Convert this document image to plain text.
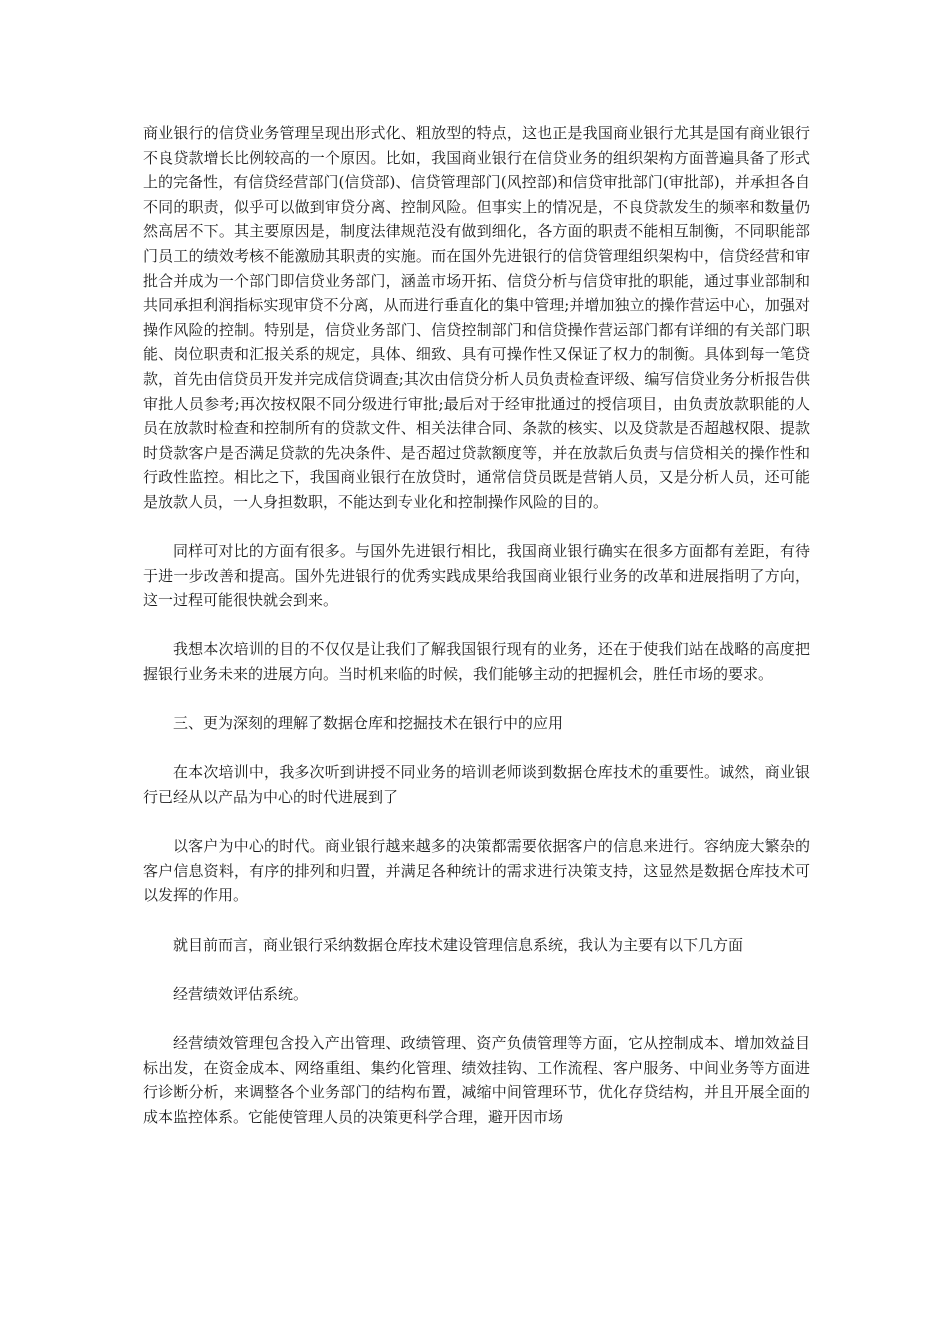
商业银行的信贷业务管理呈现出形式化、粗放型的特点，这也正是我国商业银行尤其是国有商业银行不良贷款增长比例较高的一个原因。比如，我国商业银行在信贷业务的组织架构方面普遍具备了形式上的完备性，有信贷经营部门(信贷部)、信贷管理部门(风控部)和信贷审批部门(审批部)，并承担各自不同的职责，似乎可以做到审贷分离、控制风险。但事实上的情况是，不良贷款发生的频率和数量仍然高居不下。其主要原因是，制度法律规范没有做到细化，各方面的职责不能相互制衡，不同职能部门员工的绩效考核不能激励其职责的实施。而在国外先进银行的信贷管理组织架构中，信贷经营和审批合并成为一个部门即信贷业务部门，涵盖市场开拓、信贷分析与信贷审批的职能，通过事业部制和共同承担利润指标实现审贷不分离，从而进行垂直化的集中管理;并增加独立的操作营运中心，加强对操作风险的控制。特别是，信贷业务部门、信贷控制部门和信贷操作营运部门都有详细的有关部门职能、岗位职责和汇报关系的规定，具体、细致、具有可操作性又保证了权力的制衡。具体到每一笔贷款，首先由信贷员开发并完成信贷调查;其次由信贷分析人员负责检查评级、编写信贷业务分析报告供审批人员参考;再次按权限不同分级进行审批;最后对于经审批通过的授信项目，由负责放款职能的人员在放款时检查和控制所有的贷款文件、相关法律合同、条款的核实、以及贷款是否超越权限、提款时贷款客户是否满足贷款的先决条件、是否超过贷款额度等，并在放款后负责与信贷相关的操作性和行政性监控。相比之下，我国商业银行在放贷时，通常信贷员既是营销人员，又是分析人员，还可能是放款人员，一人身担数职，不能达到专业化和控制操作风险的目的。

同样可对比的方面有很多。与国外先进银行相比，我国商业银行确实在很多方面都有差距，有待于进一步改善和提高。国外先进银行的优秀实践成果给我国商业银行业务的改革和进展指明了方向，这一过程可能很快就会到来。

我想本次培训的目的不仅仅是让我们了解我国银行现有的业务，还在于使我们站在战略的高度把握银行业务未来的进展方向。当时机来临的时候，我们能够主动的把握机会，胜任市场的要求。

三、更为深刻的理解了数据仓库和挖掘技术在银行中的应用

在本次培训中，我多次听到讲授不同业务的培训老师谈到数据仓库技术的重要性。诚然，商业银行已经从以产品为中心的时代进展到了

以客户为中心的时代。商业银行越来越多的决策都需要依据客户的信息来进行。容纳庞大繁杂的客户信息资料，有序的排列和归置，并满足各种统计的需求进行决策支持，这显然是数据仓库技术可以发挥的作用。

就目前而言，商业银行采纳数据仓库技术建设管理信息系统，我认为主要有以下几方面

经营绩效评估系统。

经营绩效管理包含投入产出管理、政绩管理、资产负债管理等方面，它从控制成本、增加效益目标出发，在资金成本、网络重组、集约化管理、绩效挂钩、工作流程、客户服务、中间业务等方面进行诊断分析，来调整各个业务部门的结构布置，减缩中间管理环节，优化存贷结构，并且开展全面的成本监控体系。它能使管理人员的决策更科学合理，避开因市场
